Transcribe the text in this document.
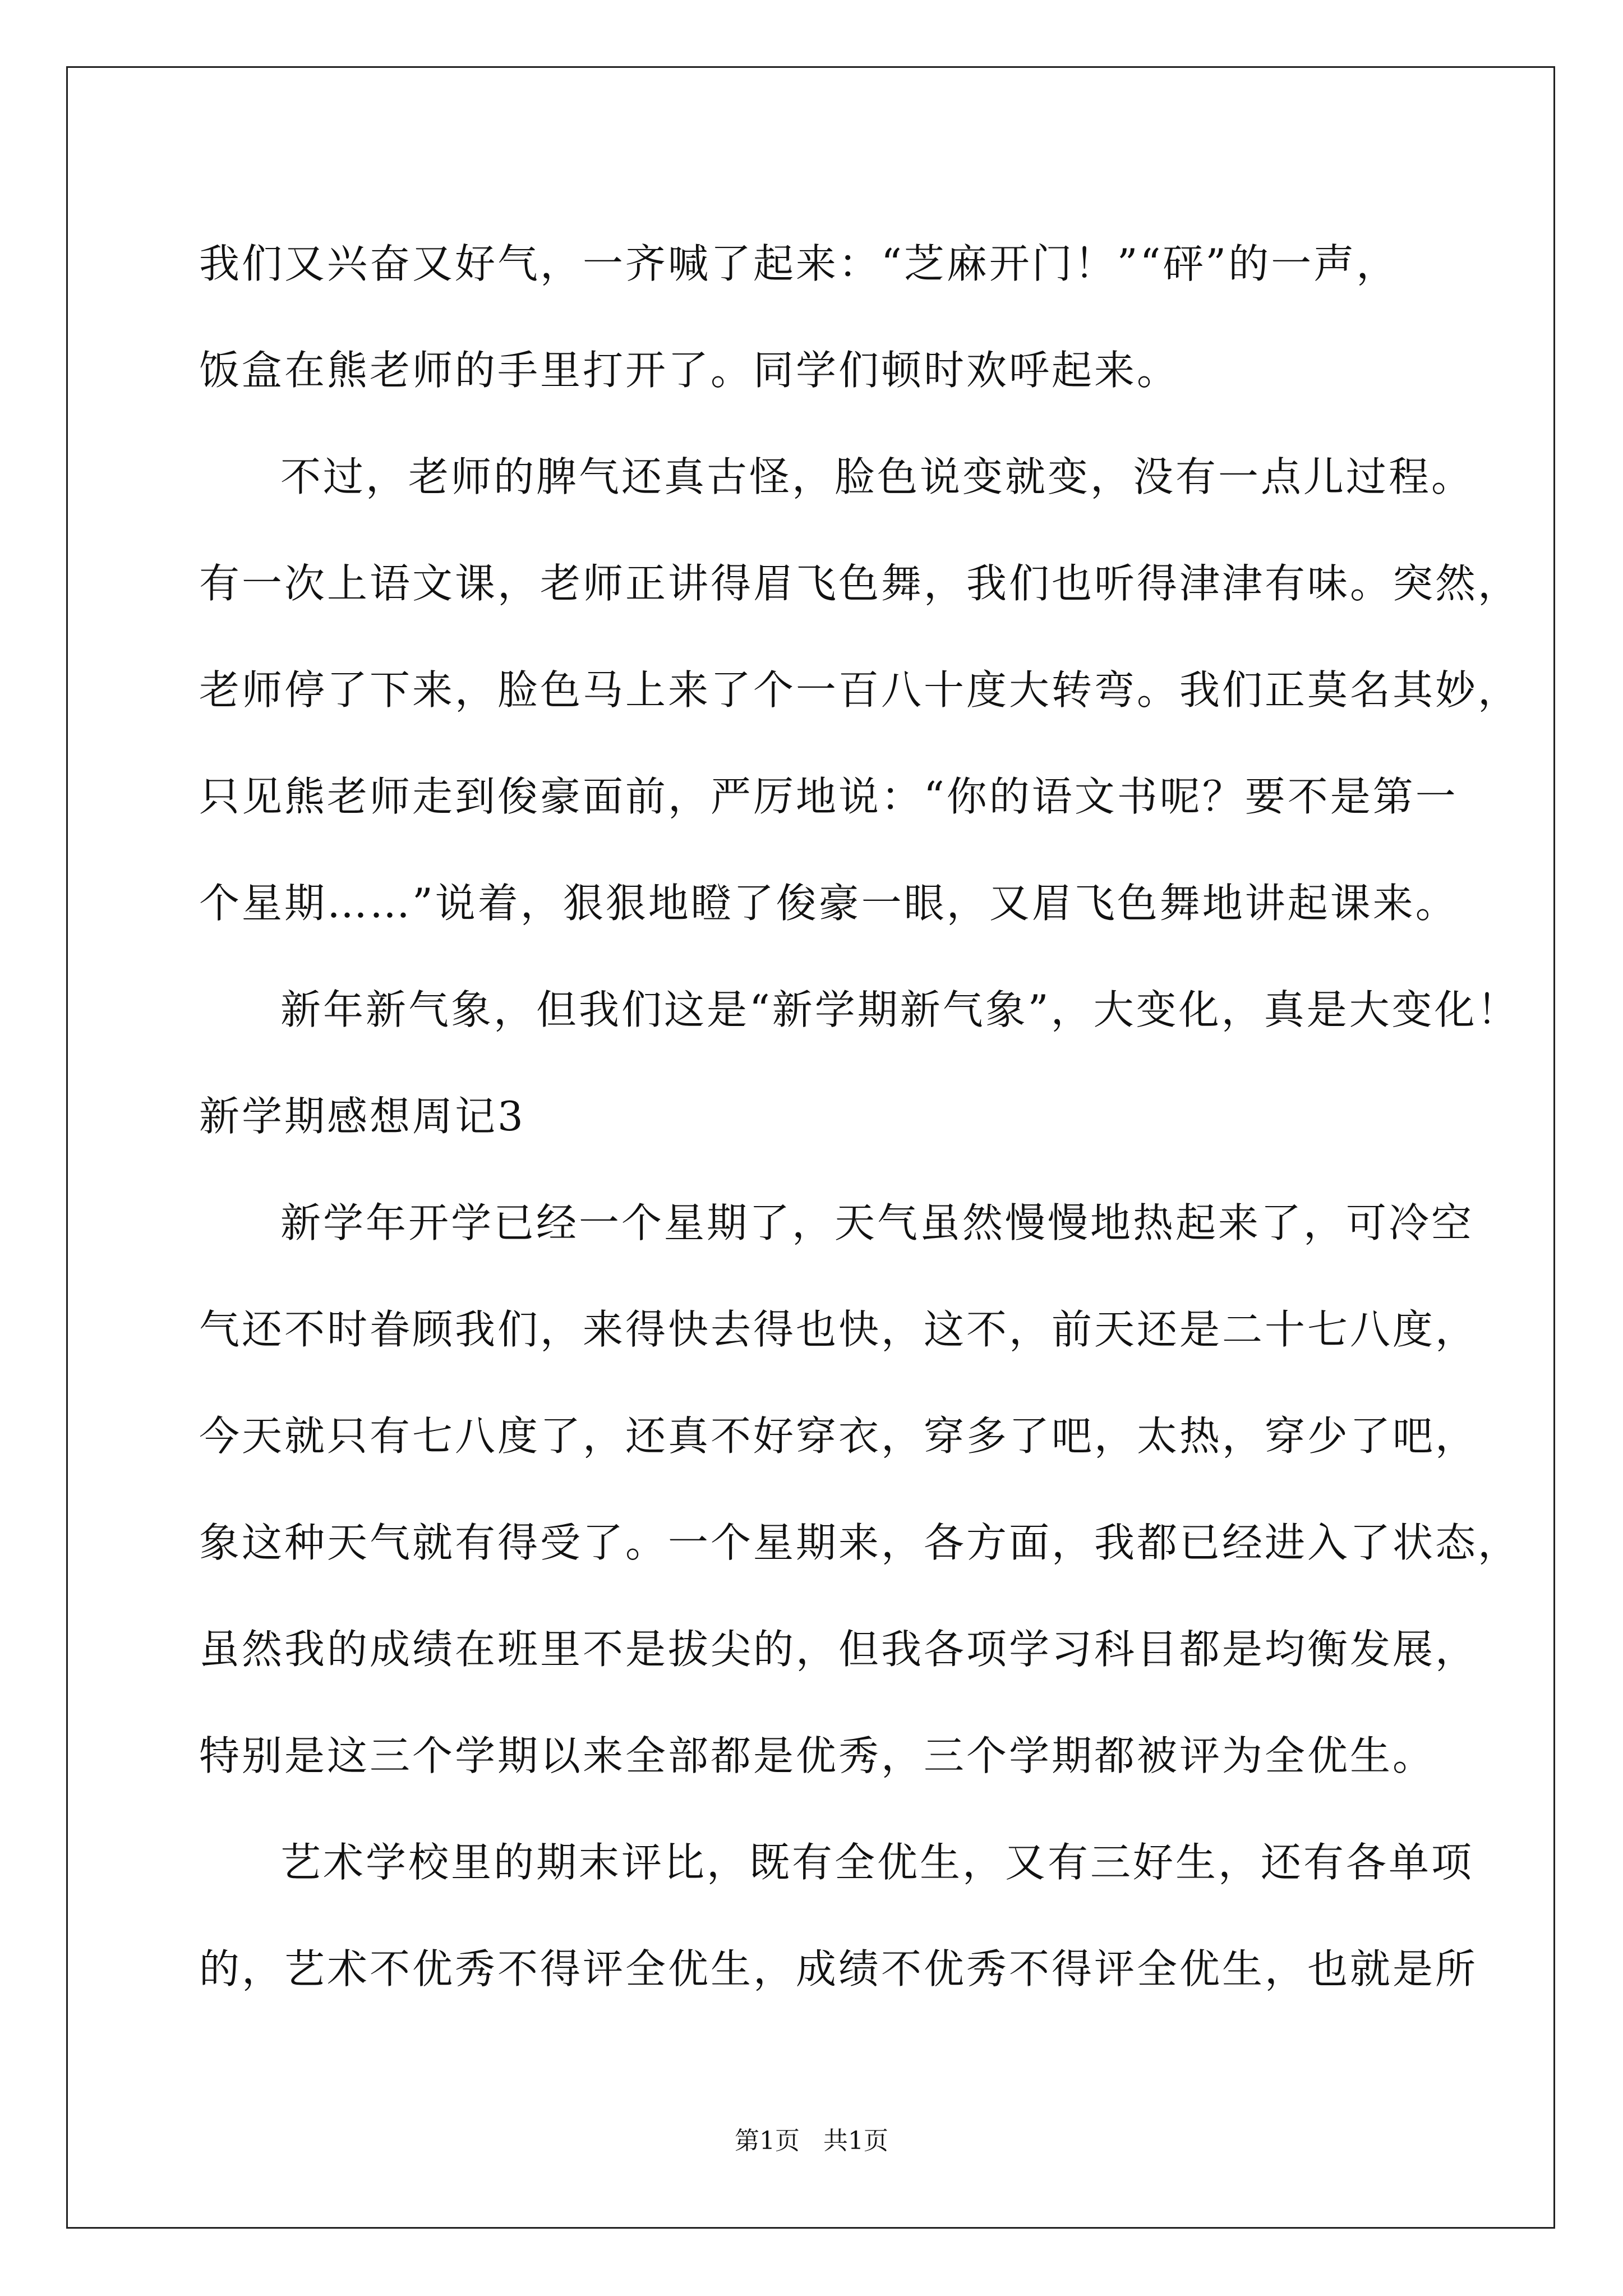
我们又兴奋又好气，一齐喊了起来：“芝麻开门！”“砰”的一声，
饭盒在熊老师的手里打开了。同学们顿时欢呼起来。
不过，老师的脾气还真古怪，脸色说变就变，没有一点儿过程。
有一次上语文课，老师正讲得眉飞色舞，我们也听得津津有味。突然，
老师停了下来，脸色马上来了个一百八十度大转弯。我们正莫名其妙，
只见熊老师走到俊豪面前，严厉地说：“你的语文书呢？要不是第一
个星期……”说着，狠狠地瞪了俊豪一眼，又眉飞色舞地讲起课来。
新年新气象，但我们这是“新学期新气象”，大变化，真是大变化！
新学期感想周记3
新学年开学已经一个星期了，天气虽然慢慢地热起来了，可冷空
气还不时眷顾我们，来得快去得也快，这不，前天还是二十七八度，
今天就只有七八度了，还真不好穿衣，穿多了吧，太热，穿少了吧，
象这种天气就有得受了。一个星期来，各方面，我都已经进入了状态，
虽然我的成绩在班里不是拔尖的，但我各项学习科目都是均衡发展，
特别是这三个学期以来全部都是优秀，三个学期都被评为全优生。
艺术学校里的期末评比，既有全优生，又有三好生，还有各单项
的，艺术不优秀不得评全优生，成绩不优秀不得评全优生，也就是所
第1页   共1页
